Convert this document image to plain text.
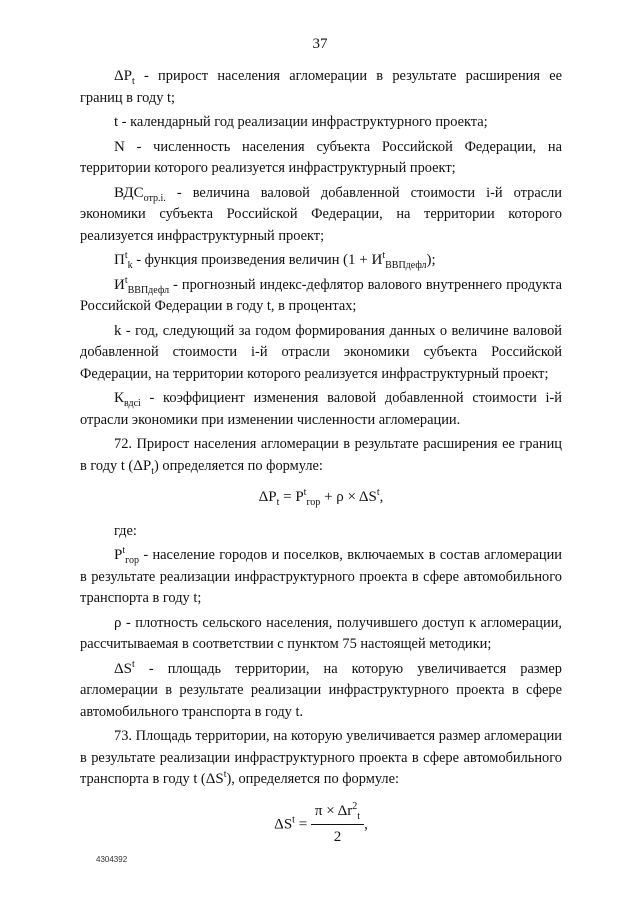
37

$\Delta P_t$ - прирост населения агломерации в результате расширения ее границ в году t;

t - календарный год реализации инфраструктурного проекта;

N - численность населения субъекта Российской Федерации, на территории которого реализуется инфраструктурный проект;

$ВДС_{отр.i.}$ - величина валовой добавленной стоимости i-й отрасли экономики субъекта Российской Федерации, на территории которого реализуется инфраструктурный проект;

$П^t_k$ - функция произведения величин $(1 + И^t_{ВВПдефл})$;

$И^t_{ВВПдефл}$ - прогнозный индекс-дефлятор валового внутреннего продукта Российской Федерации в году t, в процентах;

k - год, следующий за годом формирования данных о величине валовой добавленной стоимости i-й отрасли экономики субъекта Российской Федерации, на территории которого реализуется инфраструктурный проект;

$К_{вдсi}$ - коэффициент изменения валовой добавленной стоимости i-й отрасли экономики при изменении численности агломерации.

72. Прирост населения агломерации в результате расширения ее границ в году t $(\Delta P_t)$ определяется по формуле:

$\Delta P_t = P^t_{гор} + \rho \times \Delta S^t$,

где:

$P^t_{гор}$ - население городов и поселков, включаемых в состав агломерации в результате реализации инфраструктурного проекта в сфере автомобильного транспорта в году t;

ρ - плотность сельского населения, получившего доступ к агломерации, рассчитываемая в соответствии с пунктом 75 настоящей методики;

$\Delta S^t$ - площадь территории, на которую увеличивается размер агломерации в результате реализации инфраструктурного проекта в сфере автомобильного транспорта в году t.

73. Площадь территории, на которую увеличивается размер агломерации в результате реализации инфраструктурного проекта в сфере автомобильного транспорта в году t $(\Delta S^t)$, определяется по формуле:

$\Delta S^t = \frac{\pi \times \Delta r^2_t}{2}$ ,
4304392
